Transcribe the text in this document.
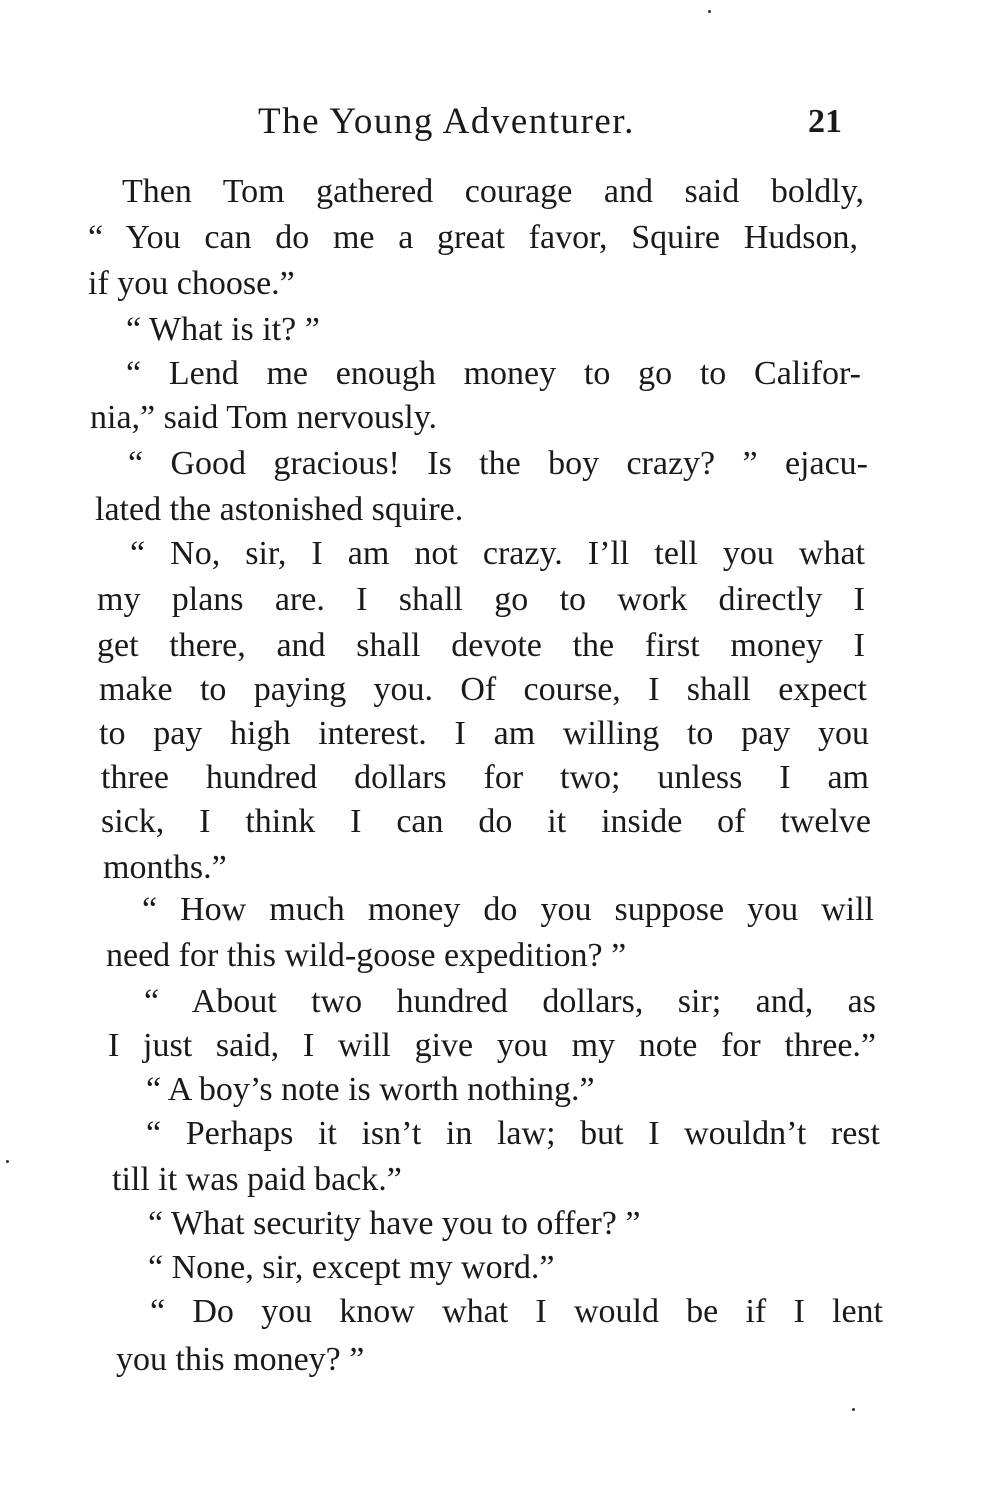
The Young Adventurer.	21
Then Tom gathered courage and said boldly,
“ You can do me a great favor, Squire Hudson,
if you choose.”
“ What is it? ”
“ Lend me enough money to go to Califor-
nia,” said Tom nervously.
“ Good gracious! Is the boy crazy? ” ejacu-
lated the astonished squire.
“ No, sir, I am not crazy. I’ll tell you what
my plans are. I shall go to work directly I
get there, and shall devote the first money I
make to paying you. Of course, I shall expect
to pay high interest. I am willing to pay you
three hundred dollars for two; unless I am
sick, I think I can do it inside of twelve
months.”
“ How much money do you suppose you will
need for this wild-goose expedition? ”
“ About two hundred dollars, sir; and, as
I just said, I will give you my note for three.”
“ A boy’s note is worth nothing.”
“ Perhaps it isn’t in law; but I wouldn’t rest
till it was paid back.”
“ What security have you to offer? ”
“ None, sir, except my word.”
“ Do you know what I would be if I lent
you this money? ”
